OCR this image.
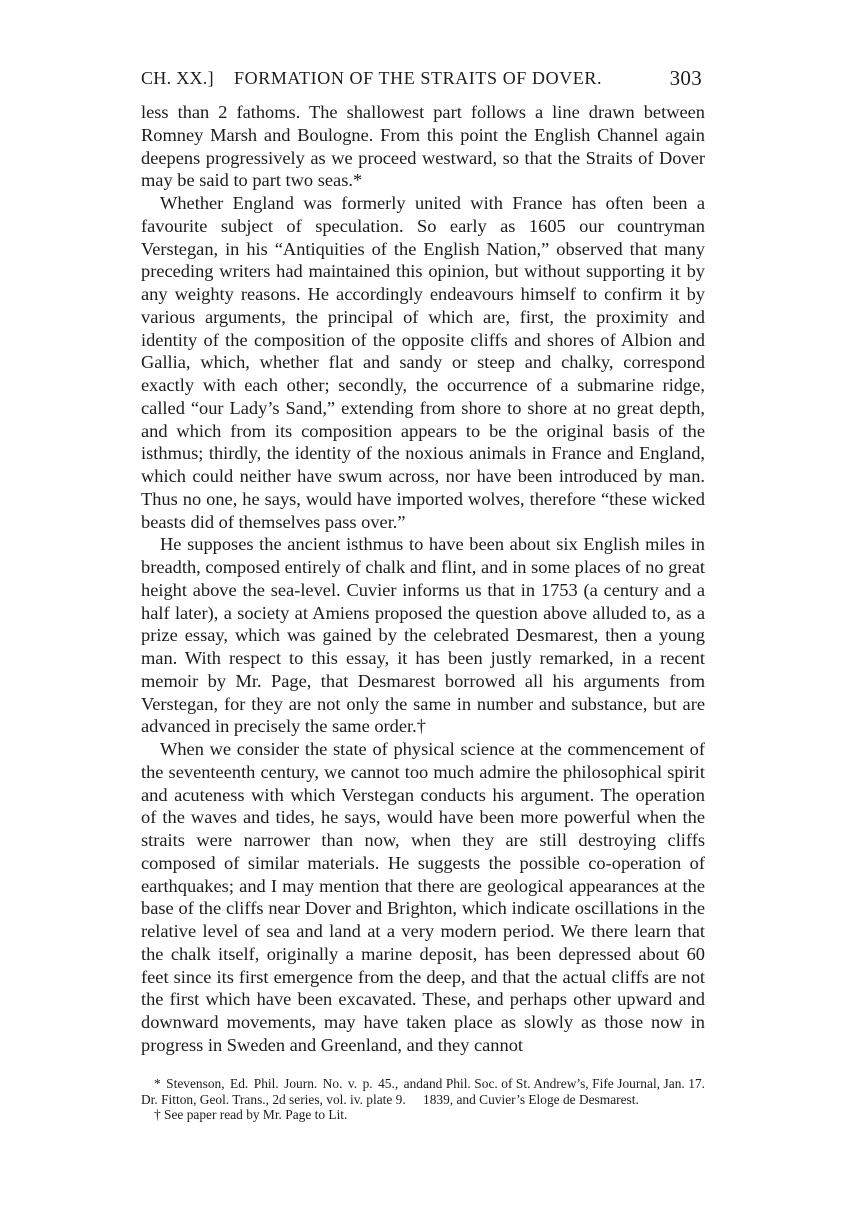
CH. XX.] FORMATION OF THE STRAITS OF DOVER.	303

less than 2 fathoms. The shallowest part follows a line drawn between Romney Marsh and Boulogne. From this point the English Channel again deepens progressively as we proceed westward, so that the Straits of Dover may be said to part two seas.*

Whether England was formerly united with France has often been a favourite subject of speculation. So early as 1605 our countryman Verstegan, in his “Antiquities of the English Nation,” observed that many preceding writers had maintained this opinion, but without supporting it by any weighty reasons. He accordingly endeavours himself to confirm it by various arguments, the principal of which are, first, the proximity and identity of the composition of the opposite cliffs and shores of Albion and Gallia, which, whether flat and sandy or steep and chalky, correspond exactly with each other; secondly, the occurrence of a submarine ridge, called “our Lady’s Sand,” extending from shore to shore at no great depth, and which from its composition appears to be the original basis of the isthmus; thirdly, the identity of the noxious animals in France and England, which could neither have swum across, nor have been introduced by man. Thus no one, he says, would have imported wolves, therefore “these wicked beasts did of themselves pass over.”

He supposes the ancient isthmus to have been about six English miles in breadth, composed entirely of chalk and flint, and in some places of no great height above the sea-level. Cuvier informs us that in 1753 (a century and a half later), a society at Amiens proposed the question above alluded to, as a prize essay, which was gained by the celebrated Desmarest, then a young man. With respect to this essay, it has been justly remarked, in a recent memoir by Mr. Page, that Desmarest borrowed all his arguments from Verstegan, for they are not only the same in number and substance, but are advanced in precisely the same order.†

When we consider the state of physical science at the commencement of the seventeenth century, we cannot too much admire the philosophical spirit and acuteness with which Verstegan conducts his argument. The operation of the waves and tides, he says, would have been more powerful when the straits were narrower than now, when they are still destroying cliffs composed of similar materials. He suggests the possible co-operation of earthquakes; and I may mention that there are geological appearances at the base of the cliffs near Dover and Brighton, which indicate oscillations in the relative level of sea and land at a very modern period. We there learn that the chalk itself, originally a marine deposit, has been depressed about 60 feet since its first emergence from the deep, and that the actual cliffs are not the first which have been excavated. These, and perhaps other upward and downward movements, may have taken place as slowly as those now in progress in Sweden and Greenland, and they cannot

* Stevenson, Ed. Phil. Journ. No. v. p. 45., and Dr. Fitton, Geol. Trans., 2d series, vol. iv. plate 9.
and Phil. Soc. of St. Andrew’s, Fife Journal, Jan. 17. 1839, and Cuvier’s Eloge de Desmarest.
† See paper read by Mr. Page to Lit.
